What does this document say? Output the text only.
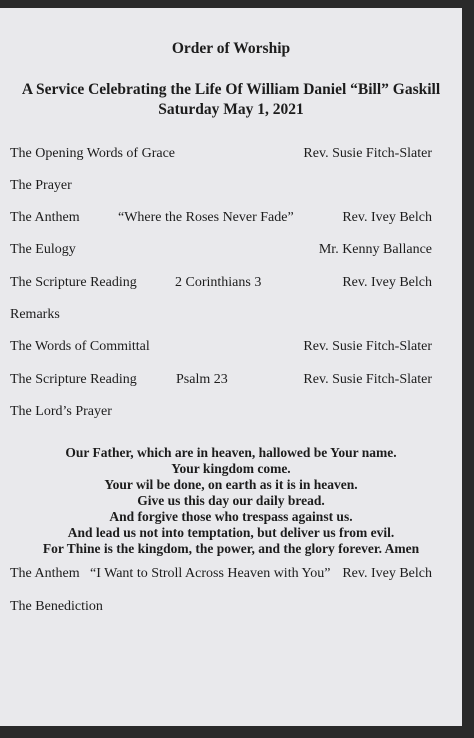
Order of Worship
A Service Celebrating the Life Of William Daniel “Bill” Gaskill
Saturday May 1, 2021
The Opening Words of Grace	Rev. Susie Fitch-Slater
The Prayer
The Anthem	“Where the Roses Never Fade”	Rev. Ivey Belch
The Eulogy	Mr. Kenny Ballance
The Scripture Reading	2 Corinthians 3	Rev. Ivey Belch
Remarks
The Words of Committal	Rev. Susie Fitch-Slater
The Scripture Reading	Psalm 23	Rev. Susie Fitch-Slater
The Lord’s Prayer
Our Father, which are in heaven, hallowed be Your name.
Your kingdom come.
Your wil be done, on earth as it is in heaven.
Give us this day our daily bread.
And forgive those who trespass against us.
And lead us not into temptation, but deliver us from evil.
For Thine is the kingdom, the power, and the glory forever. Amen
The Anthem “I Want to Stroll Across Heaven with You” Rev. Ivey Belch
The Benediction
